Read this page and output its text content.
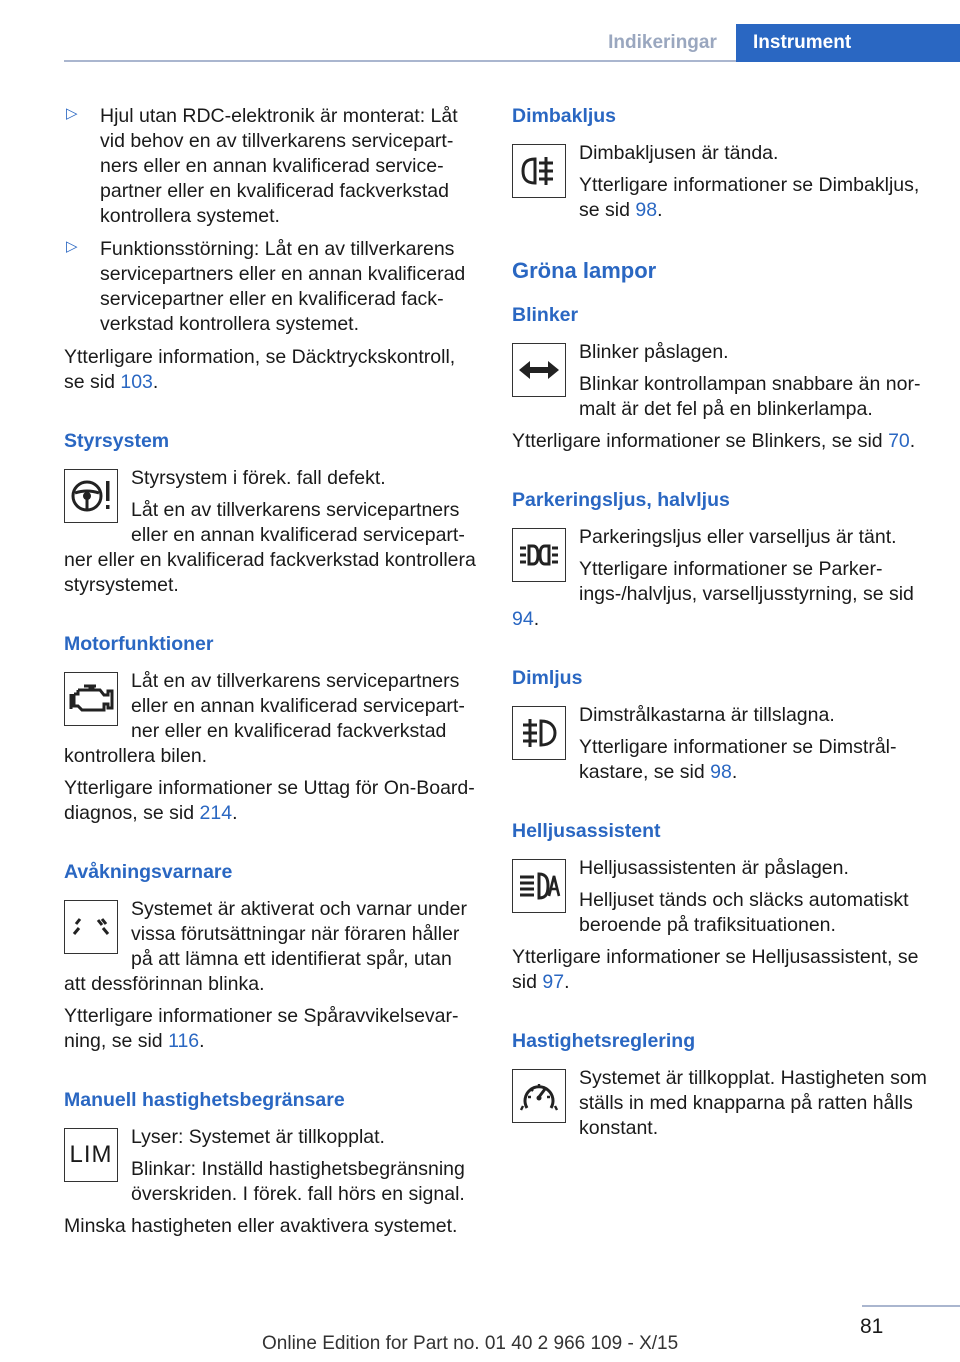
Indikeringar	Instrument
▷	Hjul utan RDC-elektronik är monterat: Låt vid behov en av tillverkarens servicepartners eller en annan kvalificerad servicepartner eller en kvalificerad fackverkstad kontrollera systemet.

▷	Funktionsstörning: Låt en av tillverkarens servicepartners eller en annan kvalificerad servicepartner eller en kvalificerad fackverkstad kontrollera systemet.

Ytterligare information, se Däcktryckskontroll, se sid 103.

Styrsystem

Styrsystem i förek. fall defekt.

Låt en av tillverkarens servicepartners eller en annan kvalificerad servicepartner eller en kvalificerad fackverkstad kontrollera styrsystemet.

Motorfunktioner

Låt en av tillverkarens servicepartners eller en annan kvalificerad servicepartner eller en kvalificerad fackverkstad kontrollera bilen.

Ytterligare informationer se Uttag för On-Board-diagnos, se sid 214.

Avåkningsvarnare

Systemet är aktiverat och varnar under vissa förutsättningar när föraren håller på att lämna ett identifierat spår, utan att dessförinnan blinka.

Ytterligare informationer se Spåravvikelsevarning, se sid 116.

Manuell hastighetsbegränsare
LIM

Lyser: Systemet är tillkopplat.

Blinkar: Inställd hastighetsbegränsning överskriden. I förek. fall hörs en signal.

Minska hastigheten eller avaktivera systemet.

Dimbakljus

Dimbakljusen är tända.

Ytterligare informationer se Dimbakljus, se sid 98.

Gröna lampor
Blinker

Blinker påslagen.

Blinkar kontrollampan snabbare än normalt är det fel på en blinkerlampa.

Ytterligare informationer se Blinkers, se sid 70.

Parkeringsljus, halvljus

Parkeringsljus eller varselljus är tänt.

Ytterligare informationer se Parkerings-/halvljus, varselljusstyrning, se sid 94.

Dimljus

Dimstrålkastarna är tillslagna.

Ytterligare informationer se Dimstrålkastare, se sid 98.

Helljusassistent

Helljusassistenten är påslagen.

Helljuset tänds och släcks automatiskt beroende på trafiksituationen.

Ytterligare informationer se Helljusassistent, se sid 97.

Hastighetsreglering

Systemet är tillkopplat. Hastigheten som ställs in med knapparna på ratten hålls konstant.

81
Online Edition for Part no. 01 40 2 966 109 - X/15
